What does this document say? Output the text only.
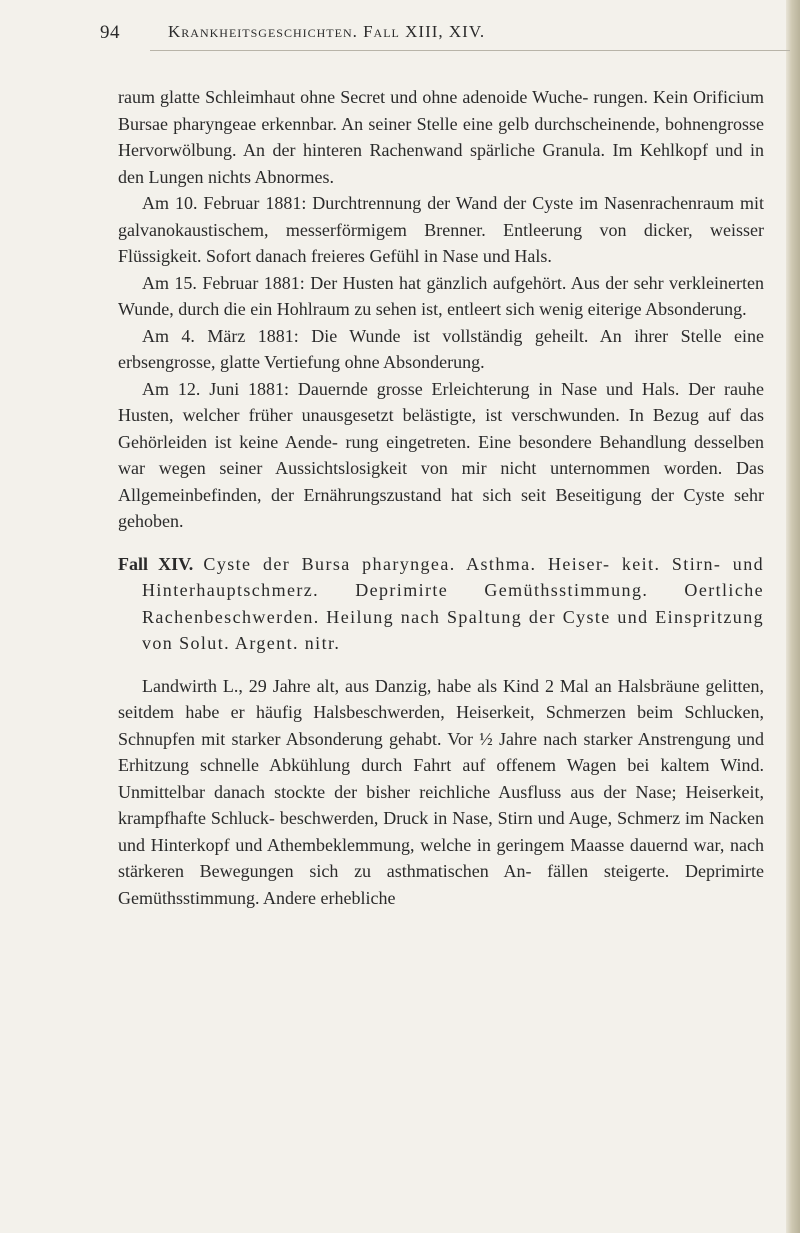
94	Krankheitsgeschichten. Fall XIII, XIV.

raum glatte Schleimhaut ohne Secret und ohne adenoide Wuche- rungen. Kein Orificium Bursae pharyngeae erkennbar. An seiner Stelle eine gelb durchscheinende, bohnengrosse Hervorwölbung. An der hinteren Rachenwand spärliche Granula. Im Kehlkopf und in den Lungen nichts Abnormes.

Am 10. Februar 1881: Durchtrennung der Wand der Cyste im Nasenrachenraum mit galvanokaustischem, messerförmigem Brenner. Entleerung von dicker, weisser Flüssigkeit. Sofort danach freieres Gefühl in Nase und Hals.

Am 15. Februar 1881: Der Husten hat gänzlich aufgehört. Aus der sehr verkleinerten Wunde, durch die ein Hohlraum zu sehen ist, entleert sich wenig eiterige Absonderung.

Am 4. März 1881: Die Wunde ist vollständig geheilt. An ihrer Stelle eine erbsengrosse, glatte Vertiefung ohne Absonderung.

Am 12. Juni 1881: Dauernde grosse Erleichterung in Nase und Hals. Der rauhe Husten, welcher früher unausgesetzt belästigte, ist verschwunden. In Bezug auf das Gehörleiden ist keine Aende- rung eingetreten. Eine besondere Behandlung desselben war wegen seiner Aussichtslosigkeit von mir nicht unternommen worden. Das Allgemeinbefinden, der Ernährungszustand hat sich seit Beseitigung der Cyste sehr gehoben.

Fall XIV. Cyste der Bursa pharyngea. Asthma. Heiser- keit. Stirn- und Hinterhauptschmerz. Deprimirte Gemüthsstimmung. Oertliche Rachenbeschwerden. Heilung nach Spaltung der Cyste und Einspritzung von Solut. Argent. nitr.

Landwirth L., 29 Jahre alt, aus Danzig, habe als Kind 2 Mal an Halsbräune gelitten, seitdem habe er häufig Halsbeschwerden, Heiserkeit, Schmerzen beim Schlucken, Schnupfen mit starker Absonderung gehabt. Vor ½ Jahre nach starker Anstrengung und Erhitzung schnelle Abkühlung durch Fahrt auf offenem Wagen bei kaltem Wind. Unmittelbar danach stockte der bisher reichliche Ausfluss aus der Nase; Heiserkeit, krampfhafte Schluck- beschwerden, Druck in Nase, Stirn und Auge, Schmerz im Nacken und Hinterkopf und Athembeklemmung, welche in geringem Maasse dauernd war, nach stärkeren Bewegungen sich zu asthmatischen An- fällen steigerte. Deprimirte Gemüthsstimmung. Andere erhebliche
